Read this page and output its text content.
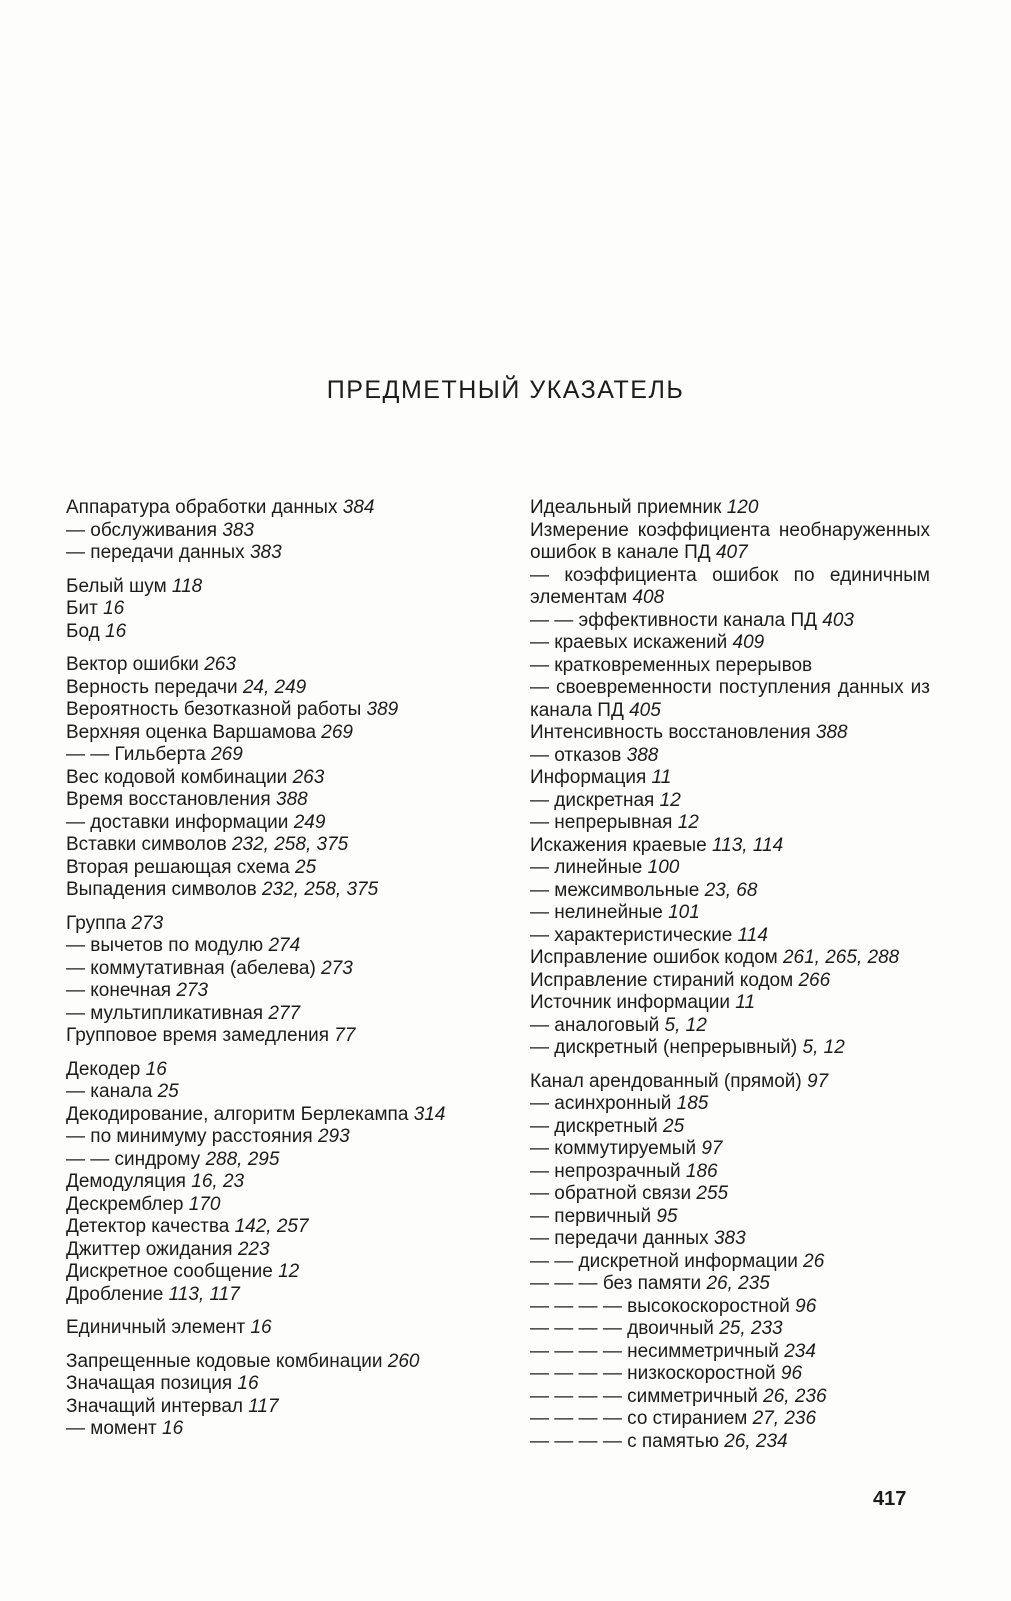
ПРЕДМЕТНЫЙ УКАЗАТЕЛЬ
Аппаратура обработки данных 384
— обслуживания 383
— передачи данных 383
Белый шум 118
Бит 16
Бод 16
Вектор ошибки 263
Верность передачи 24, 249
Вероятность безотказной работы 389
Верхняя оценка Варшамова 269
— — Гильберта 269
Вес кодовой комбинации 263
Время восстановления 388
— доставки информации 249
Вставки символов 232, 258, 375
Вторая решающая схема 25
Выпадения символов 232, 258, 375
Группа 273
— вычетов по модулю 274
— коммутативная (абелева) 273
— конечная 273
— мультипликативная 277
Групповое время замедления 77
Декодер 16
— канала 25
Декодирование, алгоритм Берлекампа 314
— по минимуму расстояния 293
— — синдрому 288, 295
Демодуляция 16, 23
Дескремблер 170
Детектор качества 142, 257
Джиттер ожидания 223
Дискретное сообщение 12
Дробление 113, 117
Единичный элемент 16
Запрещенные кодовые комбинации 260
Значащая позиция 16
Значащий интервал 117
— момент 16
Идеальный приемник 120
Измерение коэффициента необнаруженных ошибок в канале ПД 407
— коэффициента ошибок по единичным элементам 408
— — эффективности канала ПД 403
— краевых искажений 409
— кратковременных перерывов
— своевременности поступления данных из канала ПД 405
Интенсивность восстановления 388
— отказов 388
Информация 11
— дискретная 12
— непрерывная 12
Искажения краевые 113, 114
— линейные 100
— межсимвольные 23, 68
— нелинейные 101
— характеристические 114
Исправление ошибок кодом 261, 265, 288
Исправление стираний кодом 266
Источник информации 11
— аналоговый 5, 12
— дискретный (непрерывный) 5, 12
Канал арендованный (прямой) 97
— асинхронный 185
— дискретный 25
— коммутируемый 97
— непрозрачный 186
— обратной связи 255
— первичный 95
— передачи данных 383
— — дискретной информации 26
— — — без памяти 26, 235
— — — — высокоскоростной 96
— — — — двоичный 25, 233
— — — — несимметричный 234
— — — — низкоскоростной 96
— — — — симметричный 26, 236
— — — — со стиранием 27, 236
— — — — с памятью 26, 234
417
